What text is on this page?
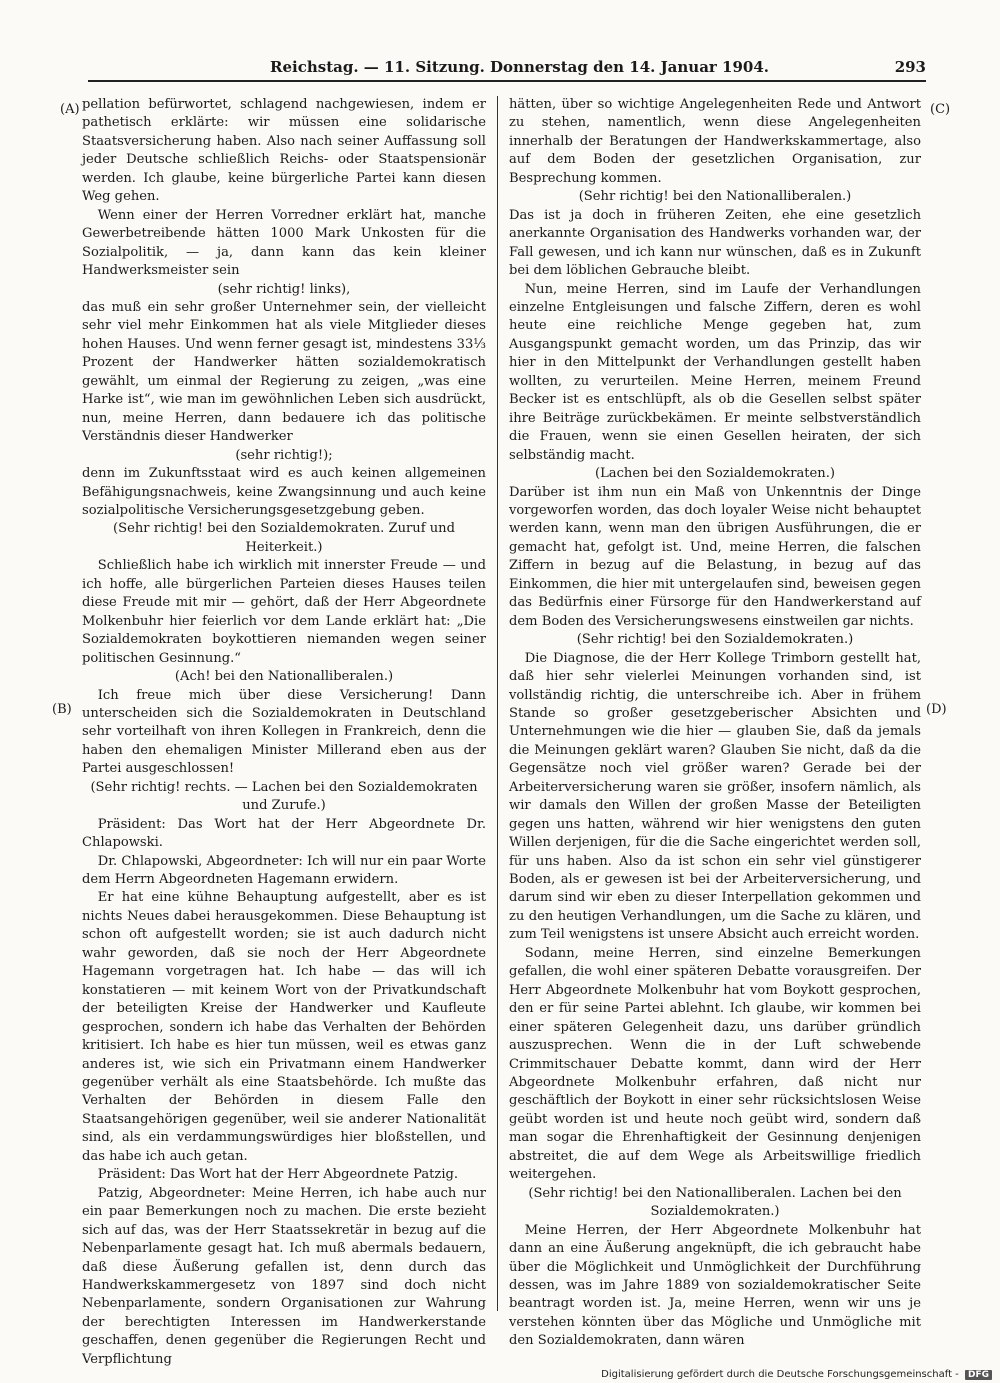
Reichstag. — 11. Sitzung. Donnerstag den 14. Januar 1904.	293
(A)
(B)
(C)
(D)

pellation befürwortet, schlagend nachgewiesen, indem er pathetisch erklärte: wir müssen eine solidarische Staatsversicherung haben. Also nach seiner Auffassung soll jeder Deutsche schließlich Reichs- oder Staatspensionär werden. Ich glaube, keine bürgerliche Partei kann diesen Weg gehen.

Wenn einer der Herren Vorredner erklärt hat, manche Gewerbetreibende hätten 1000 Mark Unkosten für die Sozialpolitik, — ja, dann kann das kein kleiner Handwerksmeister sein

(sehr richtig! links),

das muß ein sehr großer Unternehmer sein, der vielleicht sehr viel mehr Einkommen hat als viele Mitglieder dieses hohen Hauses. Und wenn ferner gesagt ist, mindestens 33⅓ Prozent der Handwerker hätten sozialdemokratisch gewählt, um einmal der Regierung zu zeigen, „was eine Harke ist“, wie man im gewöhnlichen Leben sich ausdrückt, nun, meine Herren, dann bedauere ich das politische Verständnis dieser Handwerker

(sehr richtig!);

denn im Zukunftsstaat wird es auch keinen allgemeinen Befähigungsnachweis, keine Zwangsinnung und auch keine sozialpolitische Versicherungsgesetzgebung geben.

(Sehr richtig! bei den Sozialdemokraten. Zuruf und Heiterkeit.)

Schließlich habe ich wirklich mit innerster Freude — und ich hoffe, alle bürgerlichen Parteien dieses Hauses teilen diese Freude mit mir — gehört, daß der Herr Abgeordnete Molkenbuhr hier feierlich vor dem Lande erklärt hat: „Die Sozialdemokraten boykottieren niemanden wegen seiner politischen Gesinnung.“

(Ach! bei den Nationalliberalen.)

Ich freue mich über diese Versicherung! Dann unterscheiden sich die Sozialdemokraten in Deutschland sehr vorteilhaft von ihren Kollegen in Frankreich, denn die haben den ehemaligen Minister Millerand eben aus der Partei ausgeschlossen!

(Sehr richtig! rechts. — Lachen bei den Sozialdemokraten und Zurufe.)

Präsident: Das Wort hat der Herr Abgeordnete Dr. Chlapowski.

Dr. Chlapowski, Abgeordneter: Ich will nur ein paar Worte dem Herrn Abgeordneten Hagemann erwidern.

Er hat eine kühne Behauptung aufgestellt, aber es ist nichts Neues dabei herausgekommen. Diese Behauptung ist schon oft aufgestellt worden; sie ist auch dadurch nicht wahr geworden, daß sie noch der Herr Abgeordnete Hagemann vorgetragen hat. Ich habe — das will ich konstatieren — mit keinem Wort von der Privatkundschaft der beteiligten Kreise der Handwerker und Kaufleute gesprochen, sondern ich habe das Verhalten der Behörden kritisiert. Ich habe es hier tun müssen, weil es etwas ganz anderes ist, wie sich ein Privatmann einem Handwerker gegenüber verhält als eine Staatsbehörde. Ich mußte das Verhalten der Behörden in diesem Falle den Staatsangehörigen gegenüber, weil sie anderer Nationalität sind, als ein verdammungswürdiges hier bloßstellen, und das habe ich auch getan.

Präsident: Das Wort hat der Herr Abgeordnete Patzig.

Patzig, Abgeordneter: Meine Herren, ich habe auch nur ein paar Bemerkungen noch zu machen. Die erste bezieht sich auf das, was der Herr Staatssekretär in bezug auf die Nebenparlamente gesagt hat. Ich muß abermals bedauern, daß diese Äußerung gefallen ist, denn durch das Handwerkskammergesetz von 1897 sind doch nicht Nebenparlamente, sondern Organisationen zur Wahrung der berechtigten Interessen im Handwerkerstande geschaffen, denen gegenüber die Regierungen Recht und Verpflichtung

hätten, über so wichtige Angelegenheiten Rede und Antwort zu stehen, namentlich, wenn diese Angelegenheiten innerhalb der Beratungen der Handwerkskammertage, also auf dem Boden der gesetzlichen Organisation, zur Besprechung kommen.

(Sehr richtig! bei den Nationalliberalen.)

Das ist ja doch in früheren Zeiten, ehe eine gesetzlich anerkannte Organisation des Handwerks vorhanden war, der Fall gewesen, und ich kann nur wünschen, daß es in Zukunft bei dem löblichen Gebrauche bleibt.

Nun, meine Herren, sind im Laufe der Verhandlungen einzelne Entgleisungen und falsche Ziffern, deren es wohl heute eine reichliche Menge gegeben hat, zum Ausgangspunkt gemacht worden, um das Prinzip, das wir hier in den Mittelpunkt der Verhandlungen gestellt haben wollten, zu verurteilen. Meine Herren, meinem Freund Becker ist es entschlüpft, als ob die Gesellen selbst später ihre Beiträge zurückbekämen. Er meinte selbstverständlich die Frauen, wenn sie einen Gesellen heiraten, der sich selbständig macht.

(Lachen bei den Sozialdemokraten.)

Darüber ist ihm nun ein Maß von Unkenntnis der Dinge vorgeworfen worden, das doch loyaler Weise nicht behauptet werden kann, wenn man den übrigen Ausführungen, die er gemacht hat, gefolgt ist. Und, meine Herren, die falschen Ziffern in bezug auf die Belastung, in bezug auf das Einkommen, die hier mit untergelaufen sind, beweisen gegen das Bedürfnis einer Fürsorge für den Handwerkerstand auf dem Boden des Versicherungswesens einstweilen gar nichts.

(Sehr richtig! bei den Sozialdemokraten.)

Die Diagnose, die der Herr Kollege Trimborn gestellt hat, daß hier sehr vielerlei Meinungen vorhanden sind, ist vollständig richtig, die unterschreibe ich. Aber in frühem Stande so großer gesetzgeberischer Absichten und Unternehmungen wie die hier — glauben Sie, daß da jemals die Meinungen geklärt waren? Glauben Sie nicht, daß da die Gegensätze noch viel größer waren? Gerade bei der Arbeiterversicherung waren sie größer, insofern nämlich, als wir damals den Willen der großen Masse der Beteiligten gegen uns hatten, während wir hier wenigstens den guten Willen derjenigen, für die die Sache eingerichtet werden soll, für uns haben. Also da ist schon ein sehr viel günstigerer Boden, als er gewesen ist bei der Arbeiterversicherung, und darum sind wir eben zu dieser Interpellation gekommen und zu den heutigen Verhandlungen, um die Sache zu klären, und zum Teil wenigstens ist unsere Absicht auch erreicht worden.

Sodann, meine Herren, sind einzelne Bemerkungen gefallen, die wohl einer späteren Debatte vorausgreifen. Der Herr Abgeordnete Molkenbuhr hat vom Boykott gesprochen, den er für seine Partei ablehnt. Ich glaube, wir kommen bei einer späteren Gelegenheit dazu, uns darüber gründlich auszusprechen. Wenn die in der Luft schwebende Crimmitschauer Debatte kommt, dann wird der Herr Abgeordnete Molkenbuhr erfahren, daß nicht nur geschäftlich der Boykott in einer sehr rücksichtslosen Weise geübt worden ist und heute noch geübt wird, sondern daß man sogar die Ehrenhaftigkeit der Gesinnung denjenigen abstreitet, die auf dem Wege als Arbeitswillige friedlich weitergehen.

(Sehr richtig! bei den Nationalliberalen. Lachen bei den Sozialdemokraten.)

Meine Herren, der Herr Abgeordnete Molkenbuhr hat dann an eine Äußerung angeknüpft, die ich gebraucht habe über die Möglichkeit und Unmöglichkeit der Durchführung dessen, was im Jahre 1889 von sozialdemokratischer Seite beantragt worden ist. Ja, meine Herren, wenn wir uns je verstehen könnten über das Mögliche und Unmögliche mit den Sozialdemokraten, dann wären

Digitalisierung gefördert durch die Deutsche Forschungsgemeinschaft - DFG
